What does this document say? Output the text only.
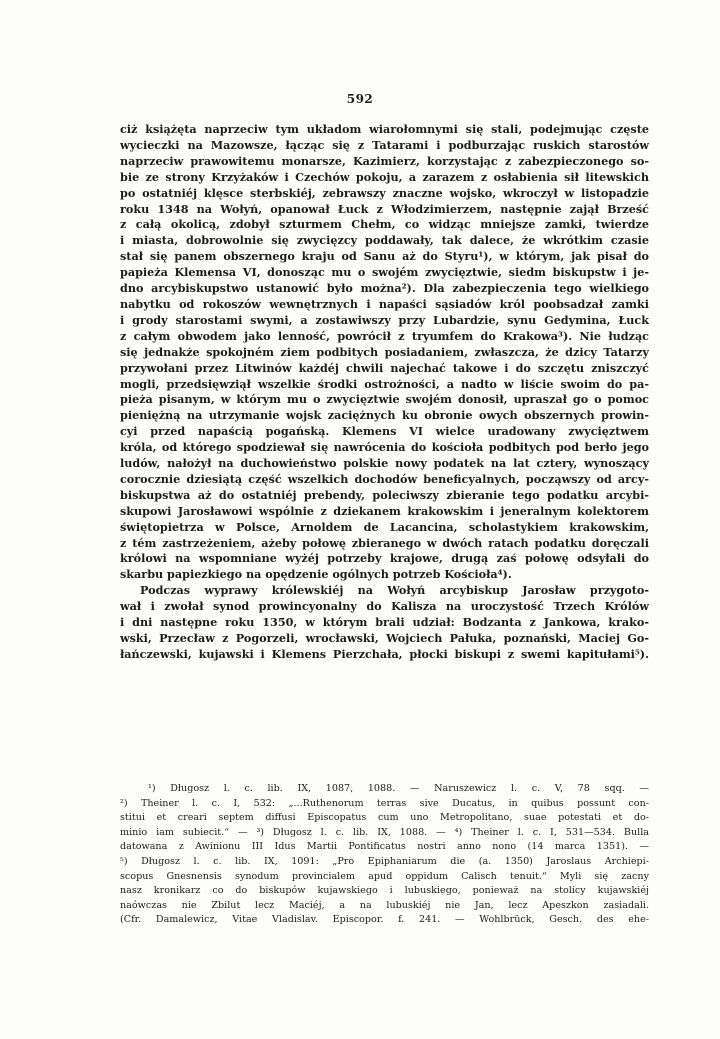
592
ciż książęta naprzeciw tym układom wiarołomnymi się stali, podejmując częste
wycieczki na Mazowsze, łącząc się z Tatarami i podburzając ruskich starostów
naprzeciw prawowitemu monarsze, Kazimierz, korzystając z zabezpieczonego so-
bie ze strony Krzyżaków i Czechów pokoju, a zarazem z osłabienia sił litewskich
po ostatniéj klęsce sterbskiéj, zebrawszy znaczne wojsko, wkroczył w listopadzie
roku 1348 na Wołyń, opanował Łuck z Włodzimierzem, następnie zajął Brześć
z całą okolicą, zdobył szturmem Chełm, co widząc mniejsze zamki, twierdze
i miasta, dobrowolnie się zwycięzcy poddawały, tak dalece, że wkrótkim czasie
stał się panem obszernego kraju od Sanu aż do Styru¹), w którym, jak pisał do
papieża Klemensa VI, donosząc mu o swojém zwycięztwie, siedm biskupstw i je-
dno arcybiskupstwo ustanowić było można²). Dla zabezpieczenia tego wielkiego
nabytku od rokoszów wewnętrznych i napaści sąsiadów król poobsadzał zamki
i grody starostami swymi, a zostawiwszy przy Lubardzie, synu Gedymina, Łuck
z całym obwodem jako lenność, powrócił z tryumfem do Krakowa³). Nie łudząc
się jednakże spokojném ziem podbitych posiadaniem, zwłaszcza, że dzicy Tatarzy
przywołani przez Litwinów każdéj chwili najechać takowe i do szczętu zniszczyć
mogli, przedsięwziął wszelkie środki ostrożności, a nadto w liście swoim do pa-
pieża pisanym, w którym mu o zwycięztwie swojém donosił, upraszał go o pomoc
pieniężną na utrzymanie wojsk zaciężnych ku obronie owych obszernych prowin-
cyi przed napaścią pogańską. Klemens VI wielce uradowany zwycięztwem
króla, od którego spodziewał się nawrócenia do kościoła podbitych pod berło jego
ludów, nałożył na duchowieństwo polskie nowy podatek na lat cztery, wynoszący
corocznie dziesiątą część wszelkich dochodów beneficyalnych, począwszy od arcy-
biskupstwa aż do ostatniéj prebendy, poleciwszy zbieranie tego podatku arcybi-
skupowi Jarosławowi wspólnie z dziekanem krakowskim i jeneralnym kolektorem
świętopietrza w Polsce, Arnoldem de Lacancina, scholastykiem krakowskim,
z tém zastrzeżeniem, ażeby połowę zbieranego w dwóch ratach podatku doręczali
królowi na wspomniane wyżéj potrzeby krajowe, drugą zaś połowę odsyłali do
skarbu papiezkiego na opędzenie ogólnych potrzeb Kościoła⁴).
Podczas wyprawy królewskiéj na Wołyń arcybiskup Jarosław przygoto-
wał i zwołał synod prowincyonalny do Kalisza na uroczystość Trzech Królów
i dni następne roku 1350, w którym brali udział: Bodzanta z Jankowa, krako-
wski, Przecław z Pogorzeli, wrocławski, Wojciech Pałuka, poznański, Maciej Go-
łańczewski, kujawski i Klemens Pierzchała, płocki biskupi z swemi kapitułami⁵).
¹) Długosz l. c. lib. IX, 1087, 1088. — Naruszewicz l. c. V, 78 sqq. —
²) Theiner l. c. I, 532: „...Ruthenorum terras sive Ducatus, in quibus possunt con-
stitui et creari septem diffusi Episcopatus cum uno Metropolitano, suae potestati et do-
minio iam subiecit.“ — ³) Długosz l. c. lib. IX, 1088. — ⁴) Theiner l. c. I, 531—534. Bulla
datowana z Awinionu III Idus Martii Pontificatus nostri anno nono (14 marca 1351). —
⁵) Długosz l. c. lib. IX, 1091: „Pro Epiphaniarum die (a. 1350) Jaroslaus Archiepi-
scopus Gnesnensis synodum provincialem apud oppidum Calisch tenuit.“ Myli się zacny
nasz kronikarz co do biskupów kujawskiego i lubuskiego, ponieważ na stolicy kujawskiéj
naówczas nie Zbilut lecz Maciéj, a na lubuskiéj nie Jan, lecz Apeszkon zasiadali.
(Cfr. Damalewicz, Vitae Vladislav. Episcopor. f. 241. — Wohlbrück, Gesch. des ehe-
